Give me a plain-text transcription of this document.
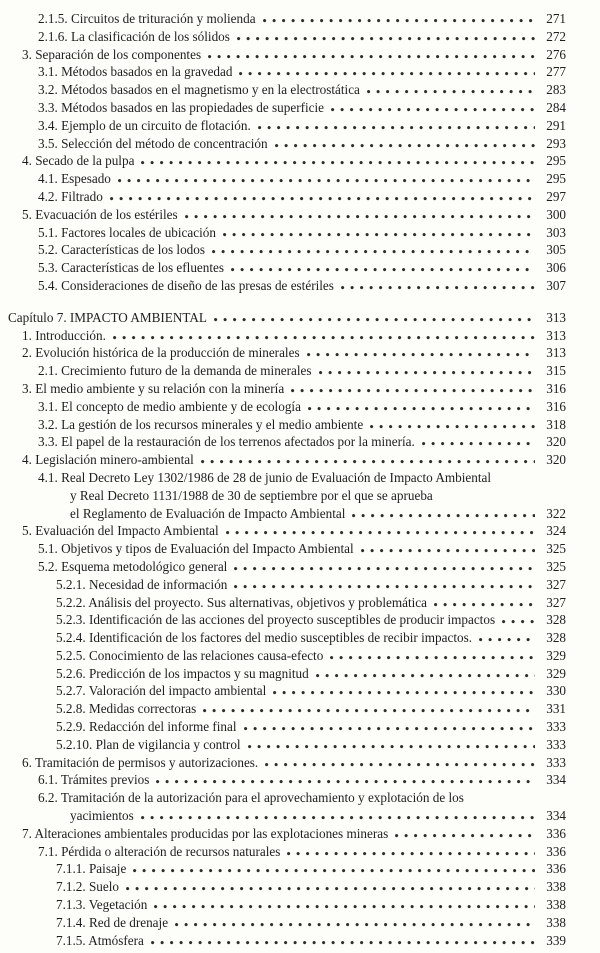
2.1.5. Circuitos de trituración y molienda	271
2.1.6. La clasificación de los sólidos	272
3. Separación de los componentes	276
3.1. Métodos basados en la gravedad	277
3.2. Métodos basados en el magnetismo y en la electrostática	283
3.3. Métodos basados en las propiedades de superficie	284
3.4. Ejemplo de un circuito de flotación.	291
3.5. Selección del método de concentración	293
4. Secado de la pulpa	295
4.1. Espesado	295
4.2. Filtrado	297
5. Evacuación de los estériles	300
5.1. Factores locales de ubicación	303
5.2. Características de los lodos	305
5.3. Características de los efluentes	306
5.4. Consideraciones de diseño de las presas de estériles	307
Capítulo 7. IMPACTO AMBIENTAL	313
1. Introducción.	313
2. Evolución histórica de la producción de minerales	313
2.1. Crecimiento futuro de la demanda de minerales	315
3. El medio ambiente y su relación con la minería	316
3.1. El concepto de medio ambiente y de ecología	316
3.2. La gestión de los recursos minerales y el medio ambiente	318
3.3. El papel de la restauración de los terrenos afectados por la minería.	320
4. Legislación minero-ambiental	320
4.1. Real Decreto Ley 1302/1986 de 28 de junio de Evaluación de Impacto Ambiental
y Real Decreto 1131/1988 de 30 de septiembre por el que se aprueba
el Reglamento de Evaluación de Impacto Ambiental	322
5. Evaluación del Impacto Ambiental	324
5.1. Objetivos y tipos de Evaluación del Impacto Ambiental	325
5.2. Esquema metodológico general	325
5.2.1. Necesidad de información	327
5.2.2. Análisis del proyecto. Sus alternativas, objetivos y problemática	327
5.2.3. Identificación de las acciones del proyecto susceptibles de producir impactos	328
5.2.4. Identificación de los factores del medio susceptibles de recibir impactos.	328
5.2.5. Conocimiento de las relaciones causa-efecto	329
5.2.6. Predicción de los impactos y su magnitud	329
5.2.7. Valoración del impacto ambiental	330
5.2.8. Medidas correctoras	331
5.2.9. Redacción del informe final	333
5.2.10. Plan de vigilancia y control	333
6. Tramitación de permisos y autorizaciones.	333
6.1. Trámites previos	334
6.2. Tramitación de la autorización para el aprovechamiento y explotación de los
yacimientos	334
7. Alteraciones ambientales producidas por las explotaciones mineras	336
7.1. Pérdida o alteración de recursos naturales	336
7.1.1. Paisaje	336
7.1.2. Suelo	338
7.1.3. Vegetación	338
7.1.4. Red de drenaje	338
7.1.5. Atmósfera	339
